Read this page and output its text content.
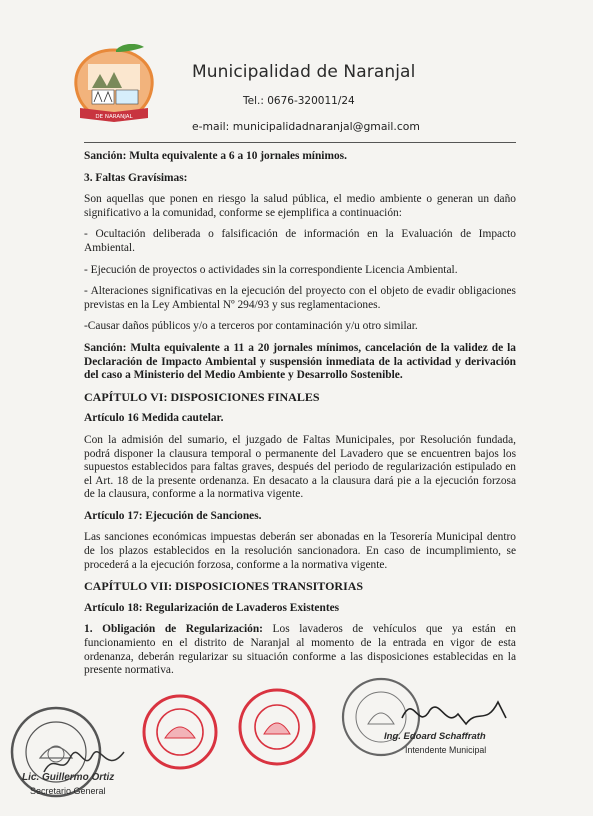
DE NARANJAL
Municipalidad de Naranjal
Tel.: 0676-320011/24
e-mail: municipalidadnaranjal@gmail.com

Sanción: Multa equivalente a 6 a 10 jornales mínimos.

3. Faltas Gravísimas:

Son aquellas que ponen en riesgo la salud pública, el medio ambiente o generan un daño significativo a la comunidad, conforme se ejemplifica a continuación:

- Ocultación deliberada o falsificación de información en la Evaluación de Impacto Ambiental.

- Ejecución de proyectos o actividades sin la correspondiente Licencia Ambiental.

- Alteraciones significativas en la ejecución del proyecto con el objeto de evadir obligaciones previstas en la Ley Ambiental Nº 294/93 y sus reglamentaciones.

-Causar daños públicos y/o a terceros por contaminación y/u otro similar.

Sanción: Multa equivalente a 11 a 20 jornales mínimos, cancelación de la validez de la Declaración de Impacto Ambiental y suspensión inmediata de la actividad y derivación del caso a Ministerio del Medio Ambiente y Desarrollo Sostenible.

CAPÍTULO VI: DISPOSICIONES FINALES

Artículo 16 Medida cautelar.

Con la admisión del sumario, el juzgado de Faltas Municipales, por Resolución fundada, podrá disponer la clausura temporal o permanente del Lavadero que se encuentren bajos los supuestos establecidos para faltas graves, después del periodo de regularización estipulado en el Art. 18 de la presente ordenanza. En desacato a la clausura dará pie a la ejecución forzosa de la clausura, conforme a la normativa vigente.

Artículo 17: Ejecución de Sanciones.

Las sanciones económicas impuestas deberán ser abonadas en la Tesorería Municipal dentro de los plazos establecidos en la resolución sancionadora. En caso de incumplimiento, se procederá a la ejecución forzosa, conforme a la normativa vigente.

CAPÍTULO VII: DISPOSICIONES TRANSITORIAS

Artículo 18: Regularización de Lavaderos Existentes

1. Obligación de Regularización: Los lavaderos de vehículos que ya están en funcionamiento en el distrito de Naranjal al momento de la entrada en vigor de esta ordenanza, deberán regularizar su situación conforme a las disposiciones establecidas en la presente normativa.

Lic. Guillermo Ortiz
Secretario General
Ing. Edoard Schaffrath
Intendente Municipal
